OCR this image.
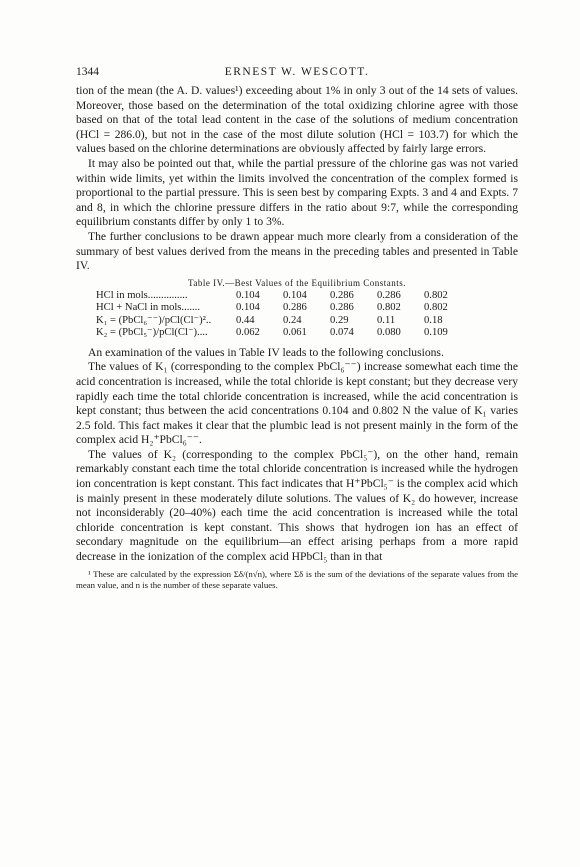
1344	ERNEST W. WESCOTT.

tion of the mean (the A. D. values¹) exceeding about 1% in only 3 out of the 14 sets of values. Moreover, those based on the determination of the total oxidizing chlorine agree with those based on that of the total lead content in the case of the solutions of medium concentration (HCl = 286.0), but not in the case of the most dilute solution (HCl = 103.7) for which the values based on the chlorine determinations are obviously affected by fairly large errors.

It may also be pointed out that, while the partial pressure of the chlorine gas was not varied within wide limits, yet within the limits involved the concentration of the complex formed is proportional to the partial pressure. This is seen best by comparing Expts. 3 and 4 and Expts. 7 and 8, in which the chlorine pressure differs in the ratio about 9:7, while the corresponding equilibrium constants differ by only 1 to 3%.

The further conclusions to be drawn appear much more clearly from a consideration of the summary of best values derived from the means in the preceding tables and presented in Table IV.

Table IV.—Best Values of the Equilibrium Constants.
HCl in mols...............	0.104	0.104	0.286	0.286	0.802
HCl + NaCl in mols.......	0.104	0.286	0.286	0.802	0.802
K₁ = (PbCl₆⁻⁻)/pCl(Cl⁻)²..	0.44	0.24	0.29	0.11	0.18
K₂ = (PbCl₅⁻)/pCl(Cl⁻)....	0.062	0.061	0.074	0.080	0.109

An examination of the values in Table IV leads to the following conclusions.

The values of K₁ (corresponding to the complex PbCl₆⁻⁻) increase somewhat each time the acid concentration is increased, while the total chloride is kept constant; but they decrease very rapidly each time the total chloride concentration is increased, while the acid concentration is kept constant; thus between the acid concentrations 0.104 and 0.802 N the value of K₁ varies 2.5 fold. This fact makes it clear that the plumbic lead is not present mainly in the form of the complex acid H₂⁺PbCl₆⁻⁻.

The values of K₂ (corresponding to the complex PbCl₅⁻), on the other hand, remain remarkably constant each time the total chloride concentration is increased while the hydrogen ion concentration is kept constant. This fact indicates that H⁺PbCl₅⁻ is the complex acid which is mainly present in these moderately dilute solutions. The values of K₂ do however, increase not inconsiderably (20–40%) each time the acid concentration is increased while the total chloride concentration is kept constant. This shows that hydrogen ion has an effect of secondary magnitude on the equilibrium—an effect arising perhaps from a more rapid decrease in the ionization of the complex acid HPbCl₅ than in that

¹ These are calculated by the expression Σδ/(n√n), where Σδ is the sum of the deviations of the separate values from the mean value, and n is the number of these separate values.
